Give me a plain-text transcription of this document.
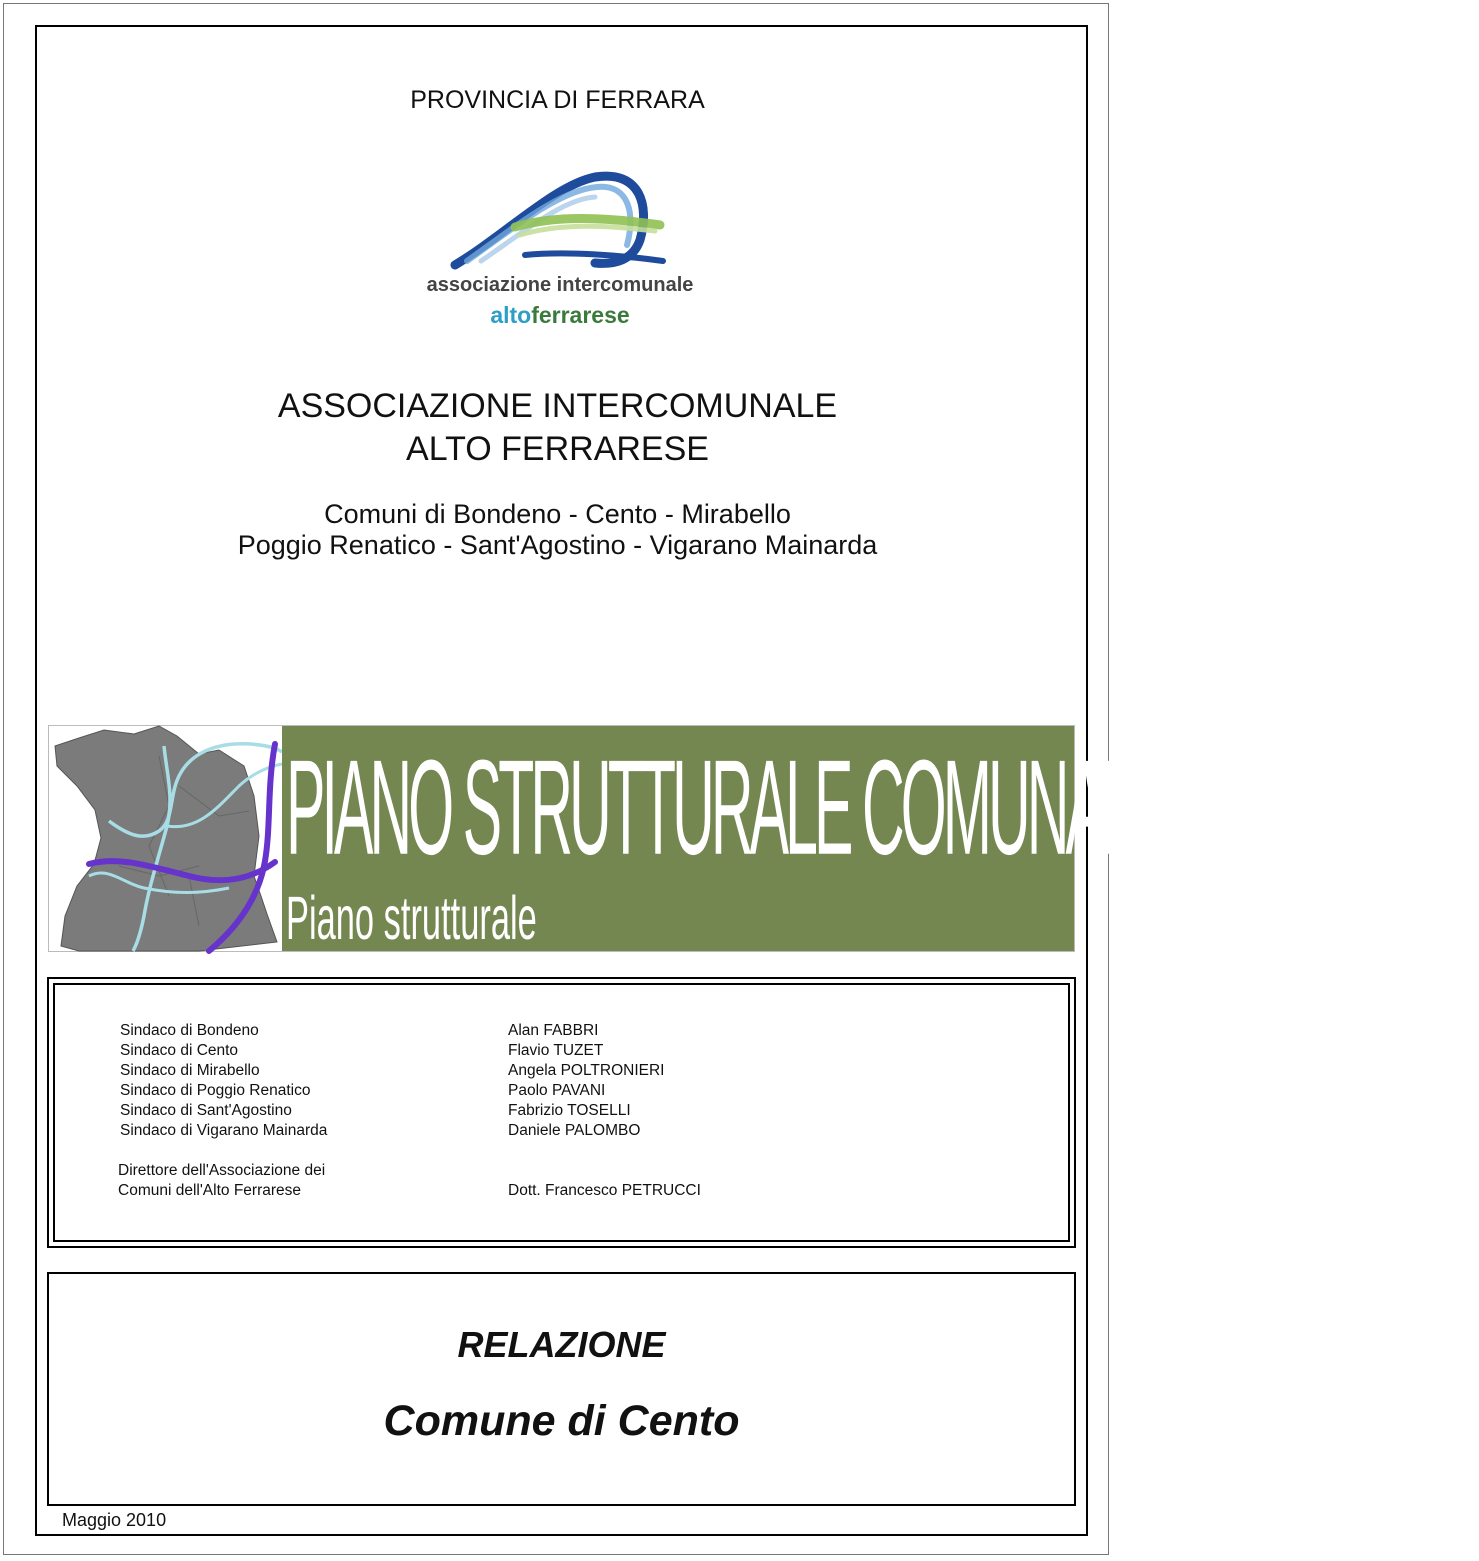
PROVINCIA DI FERRARA

associazione intercomunale
altoferrarese

ASSOCIAZIONE INTERCOMUNALE

ALTO FERRARESE

Comuni di Bondeno - Cento - Mirabello

Poggio Renatico - Sant'Agostino - Vigarano Mainarda

PIANO STRUTTURALE COMUNALE ASSOCIATO
Piano strutturale
Sindaco di Bondeno	Alan FABBRI
Sindaco di Cento	Flavio TUZET
Sindaco di Mirabello	Angela POLTRONIERI
Sindaco di Poggio Renatico	Paolo PAVANI
Sindaco di Sant'Agostino	Fabrizio TOSELLI
Sindaco di Vigarano Mainarda	Daniele PALOMBO
Direttore dell'Associazione dei
Comuni dell'Alto Ferrarese	Dott. Francesco PETRUCCI
RELAZIONE
Comune di Cento
Maggio 2010
